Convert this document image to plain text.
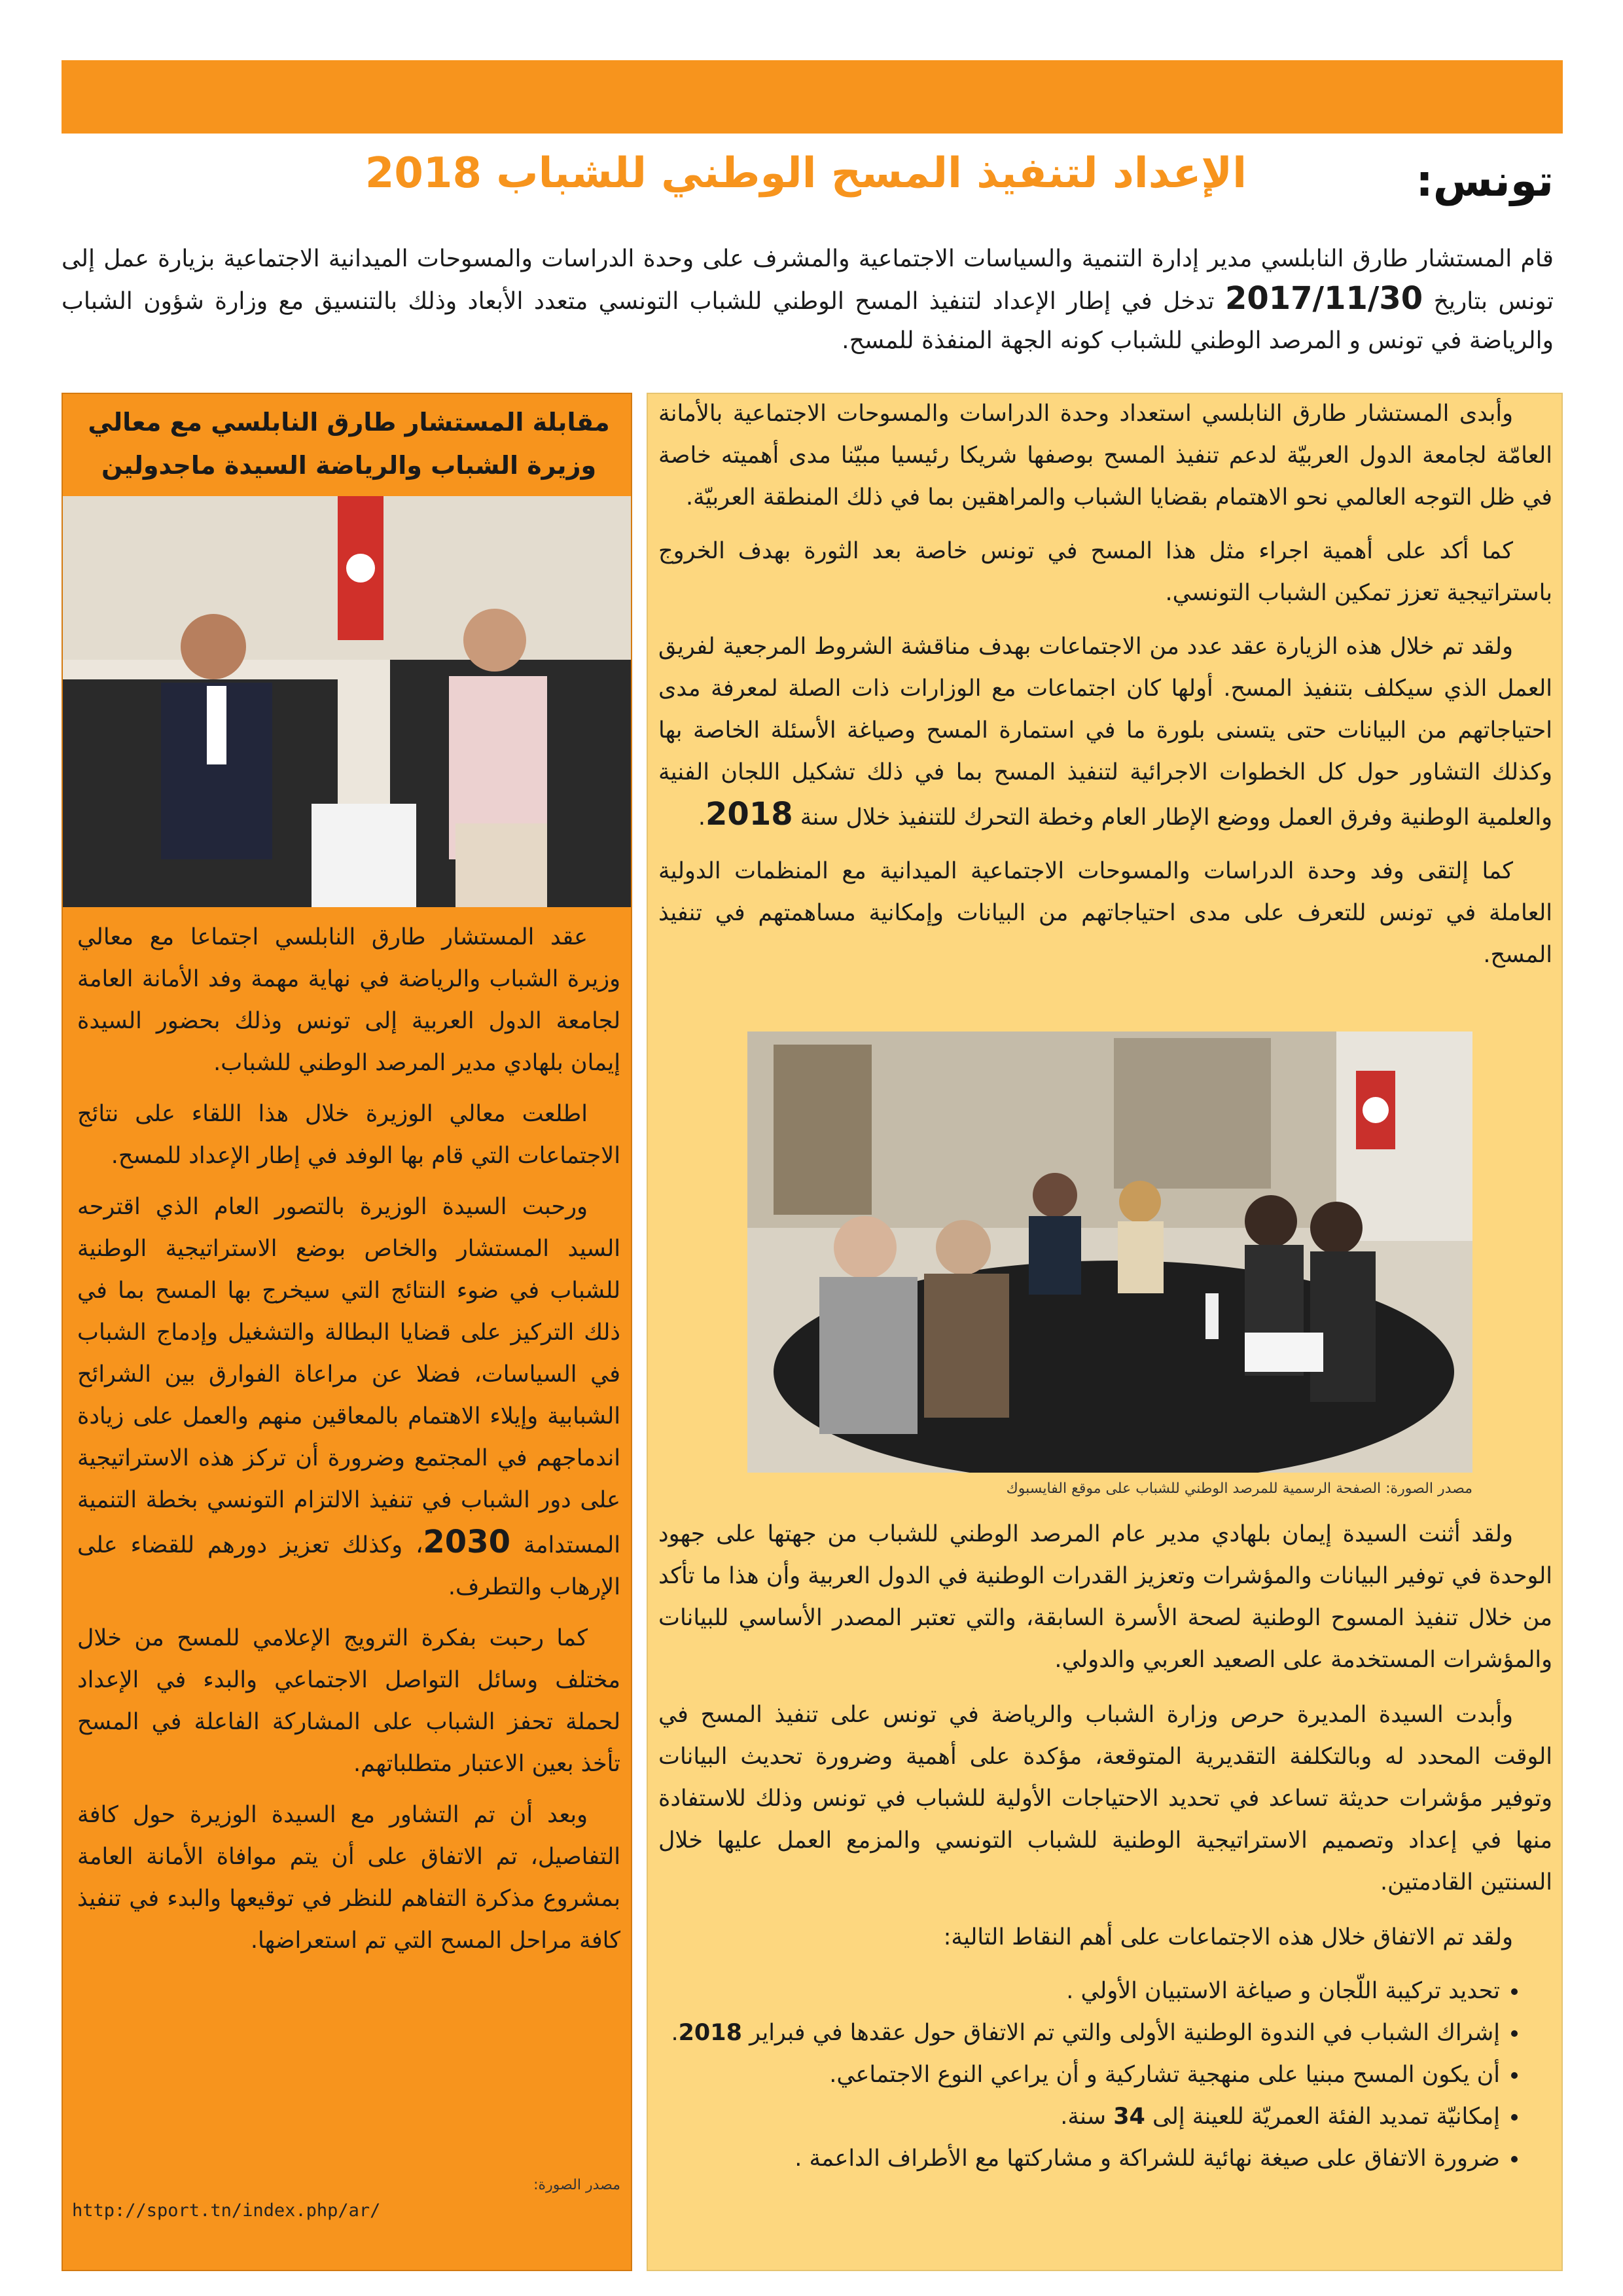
تونس:
الإعداد لتنفيذ المسح الوطني للشباب 2018

قام المستشار طارق النابلسي مدير إدارة التنمية والسياسات الاجتماعية والمشرف على وحدة الدراسات والمسوحات الميدانية الاجتماعية بزيارة عمل إلى تونس بتاريخ 2017/11/30 تدخل في إطار الإعداد لتنفيذ المسح الوطني للشباب التونسي متعدد الأبعاد وذلك بالتنسيق مع وزارة شؤون الشباب والرياضة في تونس و المرصد الوطني للشباب كونه الجهة المنفذة للمسح.

وأبدى المستشار طارق النابلسي استعداد وحدة الدراسات والمسوحات الاجتماعية بالأمانة العامّة لجامعة الدول العربيّة لدعم تنفيذ المسح بوصفها شريكا رئيسيا مبيّنا مدى أهميته خاصة في ظل التوجه العالمي نحو الاهتمام بقضايا الشباب والمراهقين بما في ذلك المنطقة العربيّة.

كما أكد على أهمية اجراء مثل هذا المسح في تونس خاصة بعد الثورة بهدف الخروج باستراتيجية تعزز تمكين الشباب التونسي.

ولقد تم خلال هذه الزيارة عقد عدد من الاجتماعات بهدف مناقشة الشروط المرجعية لفريق العمل الذي سيكلف بتنفيذ المسح. أولها كان اجتماعات مع الوزارات ذات الصلة لمعرفة مدى احتياجاتهم من البيانات حتى يتسنى بلورة ما في استمارة المسح وصياغة الأسئلة الخاصة بها وكذلك التشاور حول كل الخطوات الاجرائية لتنفيذ المسح بما في ذلك تشكيل اللجان الفنية والعلمية الوطنية وفرق العمل ووضع الإطار العام وخطة التحرك للتنفيذ خلال سنة 2018.

كما إلتقى وفد وحدة الدراسات والمسوحات الاجتماعية الميدانية مع المنظمات الدولية العاملة في تونس للتعرف على مدى احتياجاتهم من البيانات وإمكانية مساهمتهم في تنفيذ المسح.

مصدر الصورة: الصفحة الرسمية للمرصد الوطني للشباب على موقع الفايسبوك

ولقد أثنت السيدة إيمان بلهادي مدير عام المرصد الوطني للشباب من جهتها على جهود الوحدة في توفير البيانات والمؤشرات وتعزيز القدرات الوطنية في الدول العربية وأن هذا ما تأكد من خلال تنفيذ المسوح الوطنية لصحة الأسرة السابقة، والتي تعتبر المصدر الأساسي للبيانات والمؤشرات المستخدمة على الصعيد العربي والدولي.

وأبدت السيدة المديرة حرص وزارة الشباب والرياضة في تونس على تنفيذ المسح في الوقت المحدد له وبالتكلفة التقديرية المتوقعة، مؤكدة على أهمية وضرورة تحديث البيانات وتوفير مؤشرات حديثة تساعد في تحديد الاحتياجات الأولية للشباب في تونس وذلك للاستفادة منها في إعداد وتصميم الاستراتيجية الوطنية للشباب التونسي والمزمع العمل عليها خلال السنتين القادمتين.

ولقد تم الاتفاق خلال هذه الاجتماعات على أهم النقاط التالية:

• تحديد تركيبة اللّجان و صياغة الاستبيان الأولي .
• إشراك الشباب في الندوة الوطنية الأولى والتي تم الاتفاق حول عقدها في فبراير 2018.
• أن يكون المسح مبنيا على منهجية تشاركية و أن يراعي النوع الاجتماعي.
• إمكانيّة تمديد الفئة العمريّة للعينة إلى 34 سنة.
• ضرورة الاتفاق على صيغة نهائية للشراكة و مشاركتها مع الأطراف الداعمة .
مقابلة المستشار طارق النابلسي مع معالي وزيرة الشباب والرياضة السيدة ماجدولين

عقد المستشار طارق النابلسي اجتماعا مع معالي وزيرة الشباب والرياضة في نهاية مهمة وفد الأمانة العامة لجامعة الدول العربية إلى تونس وذلك بحضور السيدة إيمان بلهادي مدير المرصد الوطني للشباب.

اطلعت معالي الوزيرة خلال هذا اللقاء على نتائج الاجتماعات التي قام بها الوفد في إطار الإعداد للمسح.

ورحبت السيدة الوزيرة بالتصور العام الذي اقترحه السيد المستشار والخاص بوضع الاستراتيجية الوطنية للشباب في ضوء النتائج التي سيخرج بها المسح بما في ذلك التركيز على قضايا البطالة والتشغيل وإدماج الشباب في السياسات، فضلا عن مراعاة الفوارق بين الشرائح الشبابية وإيلاء الاهتمام بالمعاقين منهم والعمل على زيادة اندماجهم في المجتمع وضرورة أن تركز هذه الاستراتيجية على دور الشباب في تنفيذ الالتزام التونسي بخطة التنمية المستدامة 2030، وكذلك تعزيز دورهم للقضاء على الإرهاب والتطرف.

كما رحبت بفكرة الترويج الإعلامي للمسح من خلال مختلف وسائل التواصل الاجتماعي والبدء في الإعداد لحملة تحفز الشباب على المشاركة الفاعلة في المسح تأخذ بعين الاعتبار متطلباتهم.

وبعد أن تم التشاور مع السيدة الوزيرة حول كافة التفاصيل، تم الاتفاق على أن يتم موافاة الأمانة العامة بمشروع مذكرة التفاهم للنظر في توقيعها والبدء في تنفيذ كافة مراحل المسح التي تم استعراضها.

مصدر الصورة:
http://sport.tn/index.php/ar/
